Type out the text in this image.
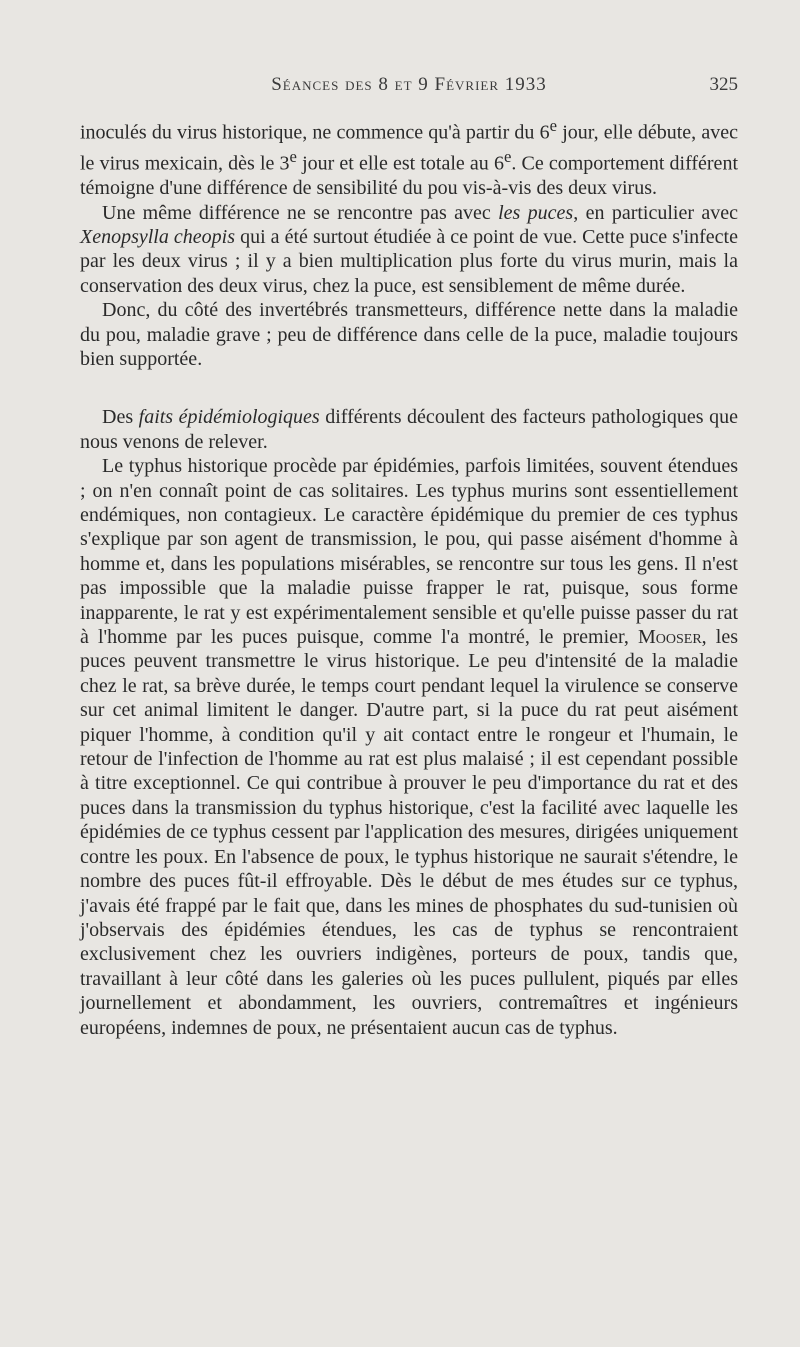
Séances des 8 et 9 Février 1933	325

inoculés du virus historique, ne commence qu'à partir du 6e jour, elle débute, avec le virus mexicain, dès le 3e jour et elle est totale au 6e. Ce comportement différent témoigne d'une différence de sensibilité du pou vis-à-vis des deux virus.

Une même différence ne se rencontre pas avec les puces, en particulier avec Xenopsylla cheopis qui a été surtout étudiée à ce point de vue. Cette puce s'infecte par les deux virus ; il y a bien multiplication plus forte du virus murin, mais la conservation des deux virus, chez la puce, est sensiblement de même durée.

Donc, du côté des invertébrés transmetteurs, différence nette dans la maladie du pou, maladie grave ; peu de différence dans celle de la puce, maladie toujours bien supportée.

Des faits épidémiologiques différents découlent des facteurs pathologiques que nous venons de relever.

Le typhus historique procède par épidémies, parfois limitées, souvent étendues ; on n'en connaît point de cas solitaires. Les typhus murins sont essentiellement endémiques, non contagieux. Le caractère épidémique du premier de ces typhus s'explique par son agent de transmission, le pou, qui passe aisément d'homme à homme et, dans les populations misérables, se rencontre sur tous les gens. Il n'est pas impossible que la maladie puisse frapper le rat, puisque, sous forme inapparente, le rat y est expérimentalement sensible et qu'elle puisse passer du rat à l'homme par les puces puisque, comme l'a montré, le premier, Mooser, les puces peuvent transmettre le virus historique. Le peu d'intensité de la maladie chez le rat, sa brève durée, le temps court pendant lequel la virulence se conserve sur cet animal limitent le danger. D'autre part, si la puce du rat peut aisément piquer l'homme, à condition qu'il y ait contact entre le rongeur et l'humain, le retour de l'infection de l'homme au rat est plus malaisé ; il est cependant possible à titre exceptionnel. Ce qui contribue à prouver le peu d'importance du rat et des puces dans la transmission du typhus historique, c'est la facilité avec laquelle les épidémies de ce typhus cessent par l'application des mesures, dirigées uniquement contre les poux. En l'absence de poux, le typhus historique ne saurait s'étendre, le nombre des puces fût-il effroyable. Dès le début de mes études sur ce typhus, j'avais été frappé par le fait que, dans les mines de phosphates du sud-tunisien où j'observais des épidémies étendues, les cas de typhus se rencontraient exclusivement chez les ouvriers indigènes, porteurs de poux, tandis que, travaillant à leur côté dans les galeries où les puces pullulent, piqués par elles journellement et abondamment, les ouvriers, contremaîtres et ingénieurs européens, indemnes de poux, ne présentaient aucun cas de typhus.
